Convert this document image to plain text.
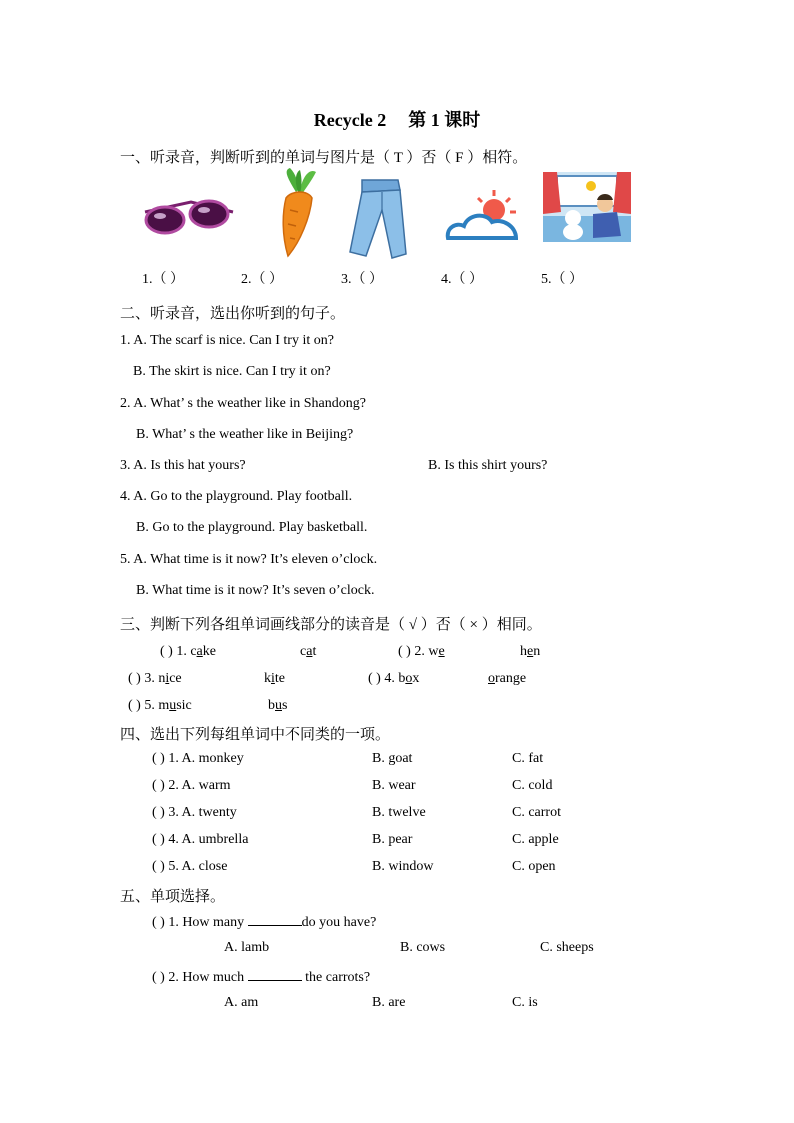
Recycle 2 第 1 课时
一、听录音，判断听到的单词与图片是（ T ）否（ F ）相符。
1.（ ）	2.（ ）	3.（ ）	4.（ ）	5.（ ）
二、听录音，选出你听到的句子。
1. A. The scarf is nice. Can I try it on?
B. The skirt is nice. Can I try it on?
2. A. What’ s the weather like in Shandong?
B. What’ s the weather like in Beijing?
3. A. Is this hat yours?	B. Is this shirt yours?
4. A. Go to the playground. Play football.
B. Go to the playground. Play basketball.
5. A. What time is it now? It’s eleven o’clock.
B. What time is it now? It’s seven o’clock.
三、判断下列各组单词画线部分的读音是（ √ ）否（ × ）相同。
( ) 1. cake	cat	( ) 2. we	hen
( ) 3. nice	kite	( ) 4. box	orange
( ) 5. music	bus
四、选出下列每组单词中不同类的一项。
( ) 1. A. monkey	B. goat	C. fat
( ) 2. A. warm	B. wear	C. cold
( ) 3. A. twenty	B. twelve	C. carrot
( ) 4. A. umbrella	B. pear	C. apple
( ) 5. A. close	B. window	C. open
五、单项选择。
( ) 1. How many	do you have?
A. lamb	B. cows	C. sheeps
( ) 2. How much	the carrots?
A. am	B. are	C. is
